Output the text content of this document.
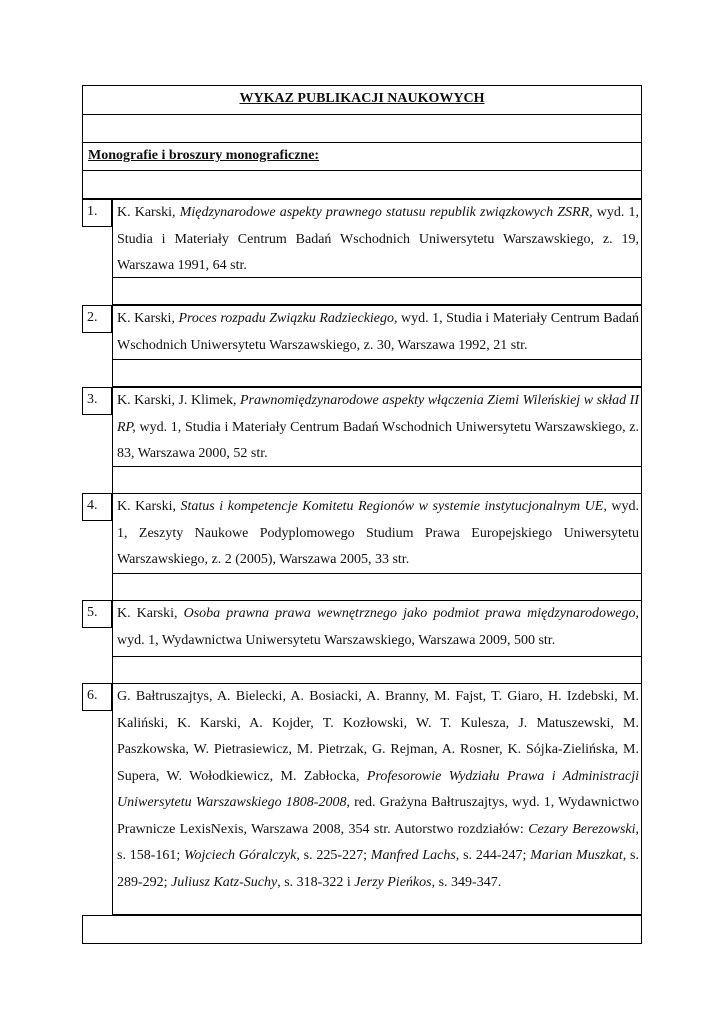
WYKAZ PUBLIKACJI NAUKOWYCH
Monografie i broszury monograficzne:
1.	K. Karski, Międzynarodowe aspekty prawnego statusu republik związkowych ZSRR, wyd. 1, Studia i Materiały Centrum Badań Wschodnich Uniwersytetu Warszawskiego, z. 19, Warszawa 1991, 64 str.

2.	K. Karski, Proces rozpadu Związku Radzieckiego, wyd. 1, Studia i Materiały Centrum Badań Wschodnich Uniwersytetu Warszawskiego, z. 30, Warszawa 1992, 21 str.

3.	K. Karski, J. Klimek, Prawnomiędzynarodowe aspekty włączenia Ziemi Wileńskiej w skład II RP, wyd. 1, Studia i Materiały Centrum Badań Wschodnich Uniwersytetu Warszawskiego, z. 83, Warszawa 2000, 52 str.

4.	K. Karski, Status i kompetencje Komitetu Regionów w systemie instytucjonalnym UE, wyd. 1, Zeszyty Naukowe Podyplomowego Studium Prawa Europejskiego Uniwersytetu Warszawskiego, z. 2 (2005), Warszawa 2005, 33 str.

5.	K. Karski, Osoba prawna prawa wewnętrznego jako podmiot prawa międzynarodowego, wyd. 1, Wydawnictwa Uniwersytetu Warszawskiego, Warszawa 2009, 500 str.

6.	G. Bałtruszajtys, A. Bielecki, A. Bosiacki, A. Branny, M. Fajst, T. Giaro, H. Izdebski, M. Kaliński, K. Karski, A. Kojder, T. Kozłowski, W. T. Kulesza, J. Matuszewski, M. Paszkowska, W. Pietrasiewicz, M. Pietrzak, G. Rejman, A. Rosner, K. Sójka-Zielińska, M. Supera, W. Wołodkiewicz, M. Zabłocka, Profesorowie Wydziału Prawa i Administracji Uniwersytetu Warszawskiego 1808-2008, red. Grażyna Bałtruszajtys, wyd. 1, Wydawnictwo Prawnicze LexisNexis, Warszawa 2008, 354 str. Autorstwo rozdziałów: Cezary Berezowski, s. 158-161; Wojciech Góralczyk, s. 225-227; Manfred Lachs, s. 244-247; Marian Muszkat, s. 289-292; Juliusz Katz-Suchy, s. 318-322 i Jerzy Pieńkos, s. 349-347.
